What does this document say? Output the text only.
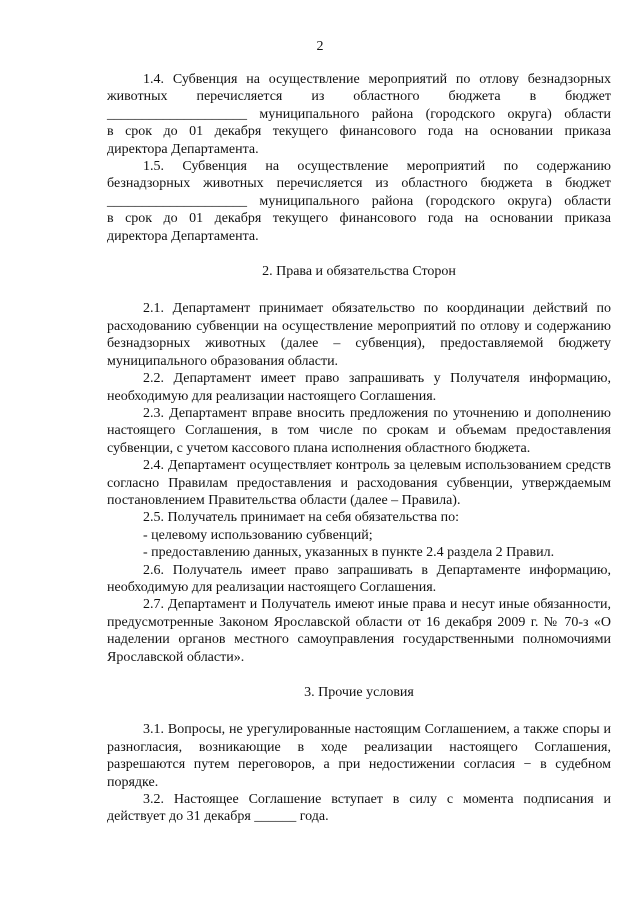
2
1.4. Субвенция на осуществление мероприятий по отлову безнадзорных
животных перечисляется из областного бюджета в бюджет
____________________ муниципального района (городского округа) области
в срок до 01 декабря текущего финансового года на основании приказа
директора Департамента.
1.5. Субвенция на осуществление мероприятий по содержанию
безнадзорных животных перечисляется из областного бюджета в бюджет
____________________ муниципального района (городского округа) области
в срок до 01 декабря текущего финансового года на основании приказа
директора Департамента.
2. Права и обязательства Сторон
2.1. Департамент принимает обязательство по координации действий по расходованию субвенции на осуществление мероприятий по отлову и содержанию безнадзорных животных (далее – субвенция), предоставляемой бюджету муниципального образования области.
2.2. Департамент имеет право запрашивать у Получателя информацию, необходимую для реализации настоящего Соглашения.
2.3. Департамент вправе вносить предложения по уточнению и дополнению настоящего Соглашения, в том числе по срокам и объемам предоставления субвенции, с учетом кассового плана исполнения областного бюджета.
2.4. Департамент осуществляет контроль за целевым использованием средств согласно Правилам предоставления и расходования субвенции, утверждаемым постановлением Правительства области (далее – Правила).
2.5. Получатель принимает на себя обязательства по:
- целевому использованию субвенций;
- предоставлению данных, указанных в пункте 2.4 раздела 2 Правил.
2.6. Получатель имеет право запрашивать в Департаменте информацию, необходимую для реализации настоящего Соглашения.
2.7. Департамент и Получатель имеют иные права и несут иные обязанности, предусмотренные Законом Ярославской области от 16 декабря 2009 г. № 70-з «О наделении органов местного самоуправления государственными полномочиями Ярославской области».
3. Прочие условия
3.1. Вопросы, не урегулированные настоящим Соглашением, а также споры и разногласия, возникающие в ходе реализации настоящего Соглашения, разрешаются путем переговоров, а при недостижении согласия − в судебном порядке.
3.2. Настоящее Соглашение вступает в силу с момента подписания и действует до 31 декабря ______ года.
